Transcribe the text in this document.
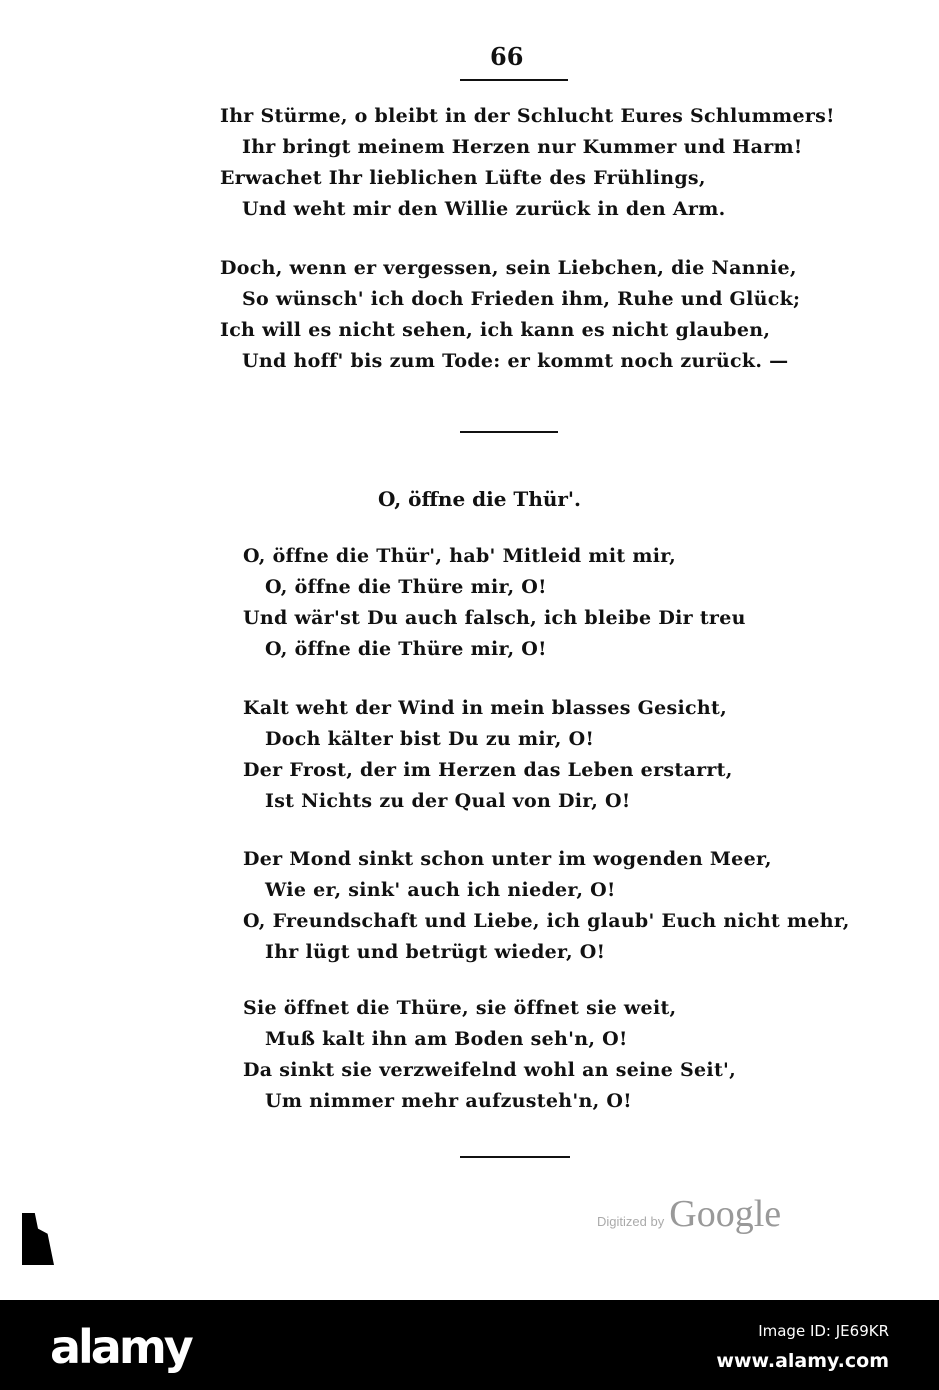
66
Ihr Stürme, o bleibt in der Schlucht Eures Schlummers!
Ihr bringt meinem Herzen nur Kummer und Harm!
Erwachet Ihr lieblichen Lüfte des Frühlings,
Und weht mir den Willie zurück in den Arm.
Doch, wenn er vergessen, sein Liebchen, die Nannie,
So wünsch' ich doch Frieden ihm, Ruhe und Glück;
Ich will es nicht sehen, ich kann es nicht glauben,
Und hoff' bis zum Tode: er kommt noch zurück. —
O, öffne die Thür'.
O, öffne die Thür', hab' Mitleid mit mir,
O, öffne die Thüre mir, O!
Und wär'st Du auch falsch, ich bleibe Dir treu
O, öffne die Thüre mir, O!
Kalt weht der Wind in mein blasses Gesicht,
Doch kälter bist Du zu mir, O!
Der Frost, der im Herzen das Leben erstarrt,
Ist Nichts zu der Qual von Dir, O!
Der Mond sinkt schon unter im wogenden Meer,
Wie er, sink' auch ich nieder, O!
O, Freundschaft und Liebe, ich glaub' Euch nicht mehr,
Ihr lügt und betrügt wieder, O!
Sie öffnet die Thüre, sie öffnet sie weit,
Muß kalt ihn am Boden seh'n, O!
Da sinkt sie verzweifelnd wohl an seine Seit',
Um nimmer mehr aufzusteh'n, O!
Digitized by Google
alamy	Image ID: JE69KR
www.alamy.com
